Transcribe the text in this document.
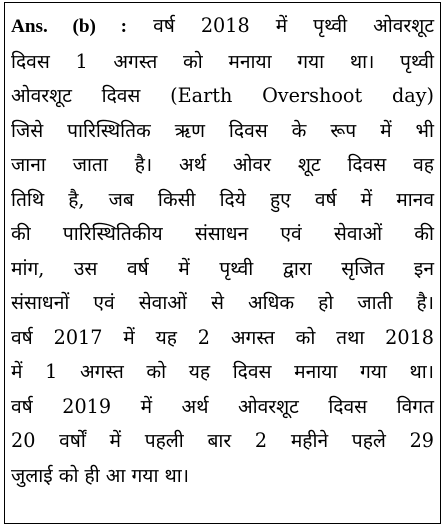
Ans. (b) : वर्ष 2018 में पृथ्वी ओवरशूट
दिवस 1 अगस्त को मनाया गया था। पृथ्वी
ओवरशूट दिवस (Earth Overshoot day)
जिसे पारिस्थितिक ऋण दिवस के रूप में भी
जाना जाता है। अर्थ ओवर शूट दिवस वह
तिथि है, जब किसी दिये हुए वर्ष में मानव
की पारिस्थितिकीय संसाधन एवं सेवाओं की
मांग, उस वर्ष में पृथ्वी द्वारा सृजित इन
संसाधनों एवं सेवाओं से अधिक हो जाती है।
वर्ष 2017 में यह 2 अगस्त को तथा 2018
में 1 अगस्त को यह दिवस मनाया गया था।
वर्ष 2019 में अर्थ ओवरशूट दिवस विगत
20 वर्षों में पहली बार 2 महीने पहले 29
जुलाई को ही आ गया था।
